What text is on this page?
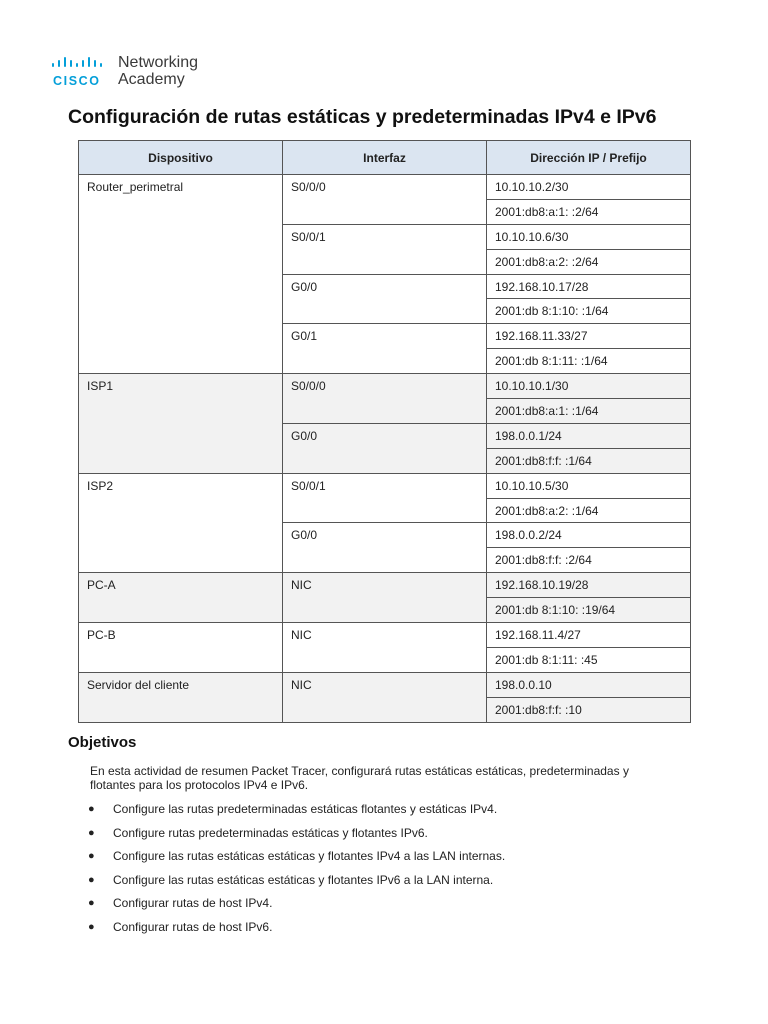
CISCO
Networking
Academy
Configuración de rutas estáticas y predeterminadas IPv4 e IPv6
Dispositivo	Interfaz	Dirección IP / Prefijo
Router_perimetral	S0/0/0	10.10.10.2/30
		2001:db8:a:1: :2/64
	S0/0/1	10.10.10.6/30
		2001:db8:a:2: :2/64
	G0/0	192.168.10.17/28
		2001:db 8:1:10: :1/64
	G0/1	192.168.11.33/27
		2001:db 8:1:11: :1/64
ISP1	S0/0/0	10.10.10.1/30
		2001:db8:a:1: :1/64
	G0/0	198.0.0.1/24
		2001:db8:f:f: :1/64
ISP2	S0/0/1	10.10.10.5/30
		2001:db8:a:2: :1/64
	G0/0	198.0.0.2/24
		2001:db8:f:f: :2/64
PC-A	NIC	192.168.10.19/28
		2001:db 8:1:10: :19/64
PC-B	NIC	192.168.11.4/27
		2001:db 8:1:11: :45
Servidor del cliente	NIC	198.0.0.10
		2001:db8:f:f: :10
Objetivos

En esta actividad de resumen Packet Tracer, configurará rutas estáticas estáticas, predeterminadas y flotantes para los protocolos IPv4 e IPv6.

● Configure las rutas predeterminadas estáticas flotantes y estáticas IPv4.
● Configure rutas predeterminadas estáticas y flotantes IPv6.
● Configure las rutas estáticas estáticas y flotantes IPv4 a las LAN internas.
● Configure las rutas estáticas estáticas y flotantes IPv6 a la LAN interna.
● Configurar rutas de host IPv4.
● Configurar rutas de host IPv6.
